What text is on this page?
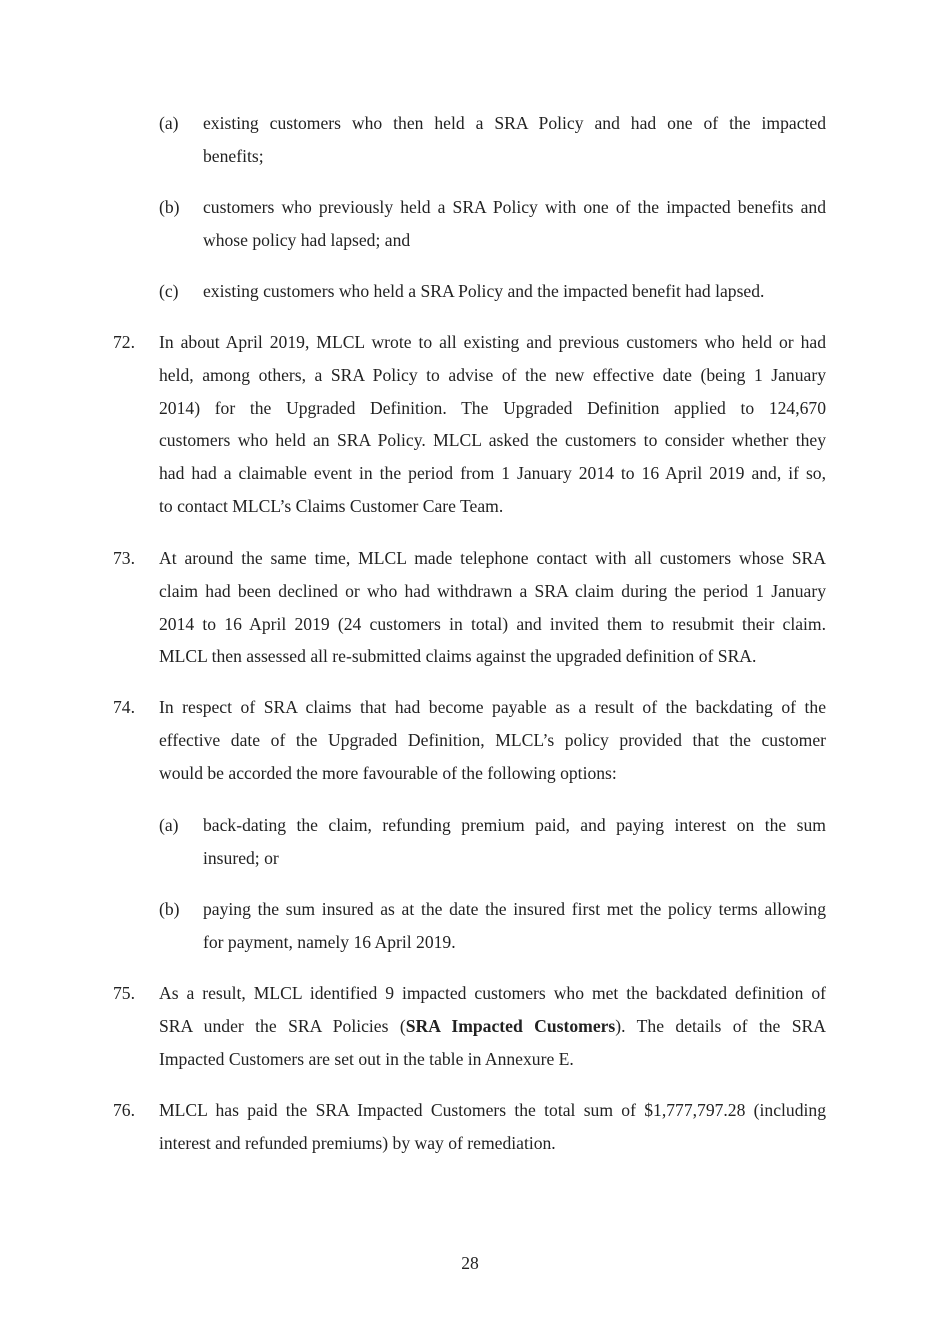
(a) existing customers who then held a SRA Policy and had one of the impacted
benefits;
(b) customers who previously held a SRA Policy with one of the impacted benefits and
whose policy had lapsed; and
(c) existing customers who held a SRA Policy and the impacted benefit had lapsed.
72. In about April 2019, MLCL wrote to all existing and previous customers who held or had
held, among others, a SRA Policy to advise of the new effective date (being 1 January
2014) for the Upgraded Definition. The Upgraded Definition applied to 124,670
customers who held an SRA Policy. MLCL asked the customers to consider whether they
had had a claimable event in the period from 1 January 2014 to 16 April 2019 and, if so,
to contact MLCL’s Claims Customer Care Team.
73. At around the same time, MLCL made telephone contact with all customers whose SRA
claim had been declined or who had withdrawn a SRA claim during the period 1 January
2014 to 16 April 2019 (24 customers in total) and invited them to resubmit their claim.
MLCL then assessed all re-submitted claims against the upgraded definition of SRA.
74. In respect of SRA claims that had become payable as a result of the backdating of the
effective date of the Upgraded Definition, MLCL’s policy provided that the customer
would be accorded the more favourable of the following options:
(a) back-dating the claim, refunding premium paid, and paying interest on the sum
insured; or
(b) paying the sum insured as at the date the insured first met the policy terms allowing
for payment, namely 16 April 2019.
75. As a result, MLCL identified 9 impacted customers who met the backdated definition of
SRA under the SRA Policies (SRA Impacted Customers). The details of the SRA
Impacted Customers are set out in the table in Annexure E.
76. MLCL has paid the SRA Impacted Customers the total sum of $1,777,797.28 (including
interest and refunded premiums) by way of remediation.
28
